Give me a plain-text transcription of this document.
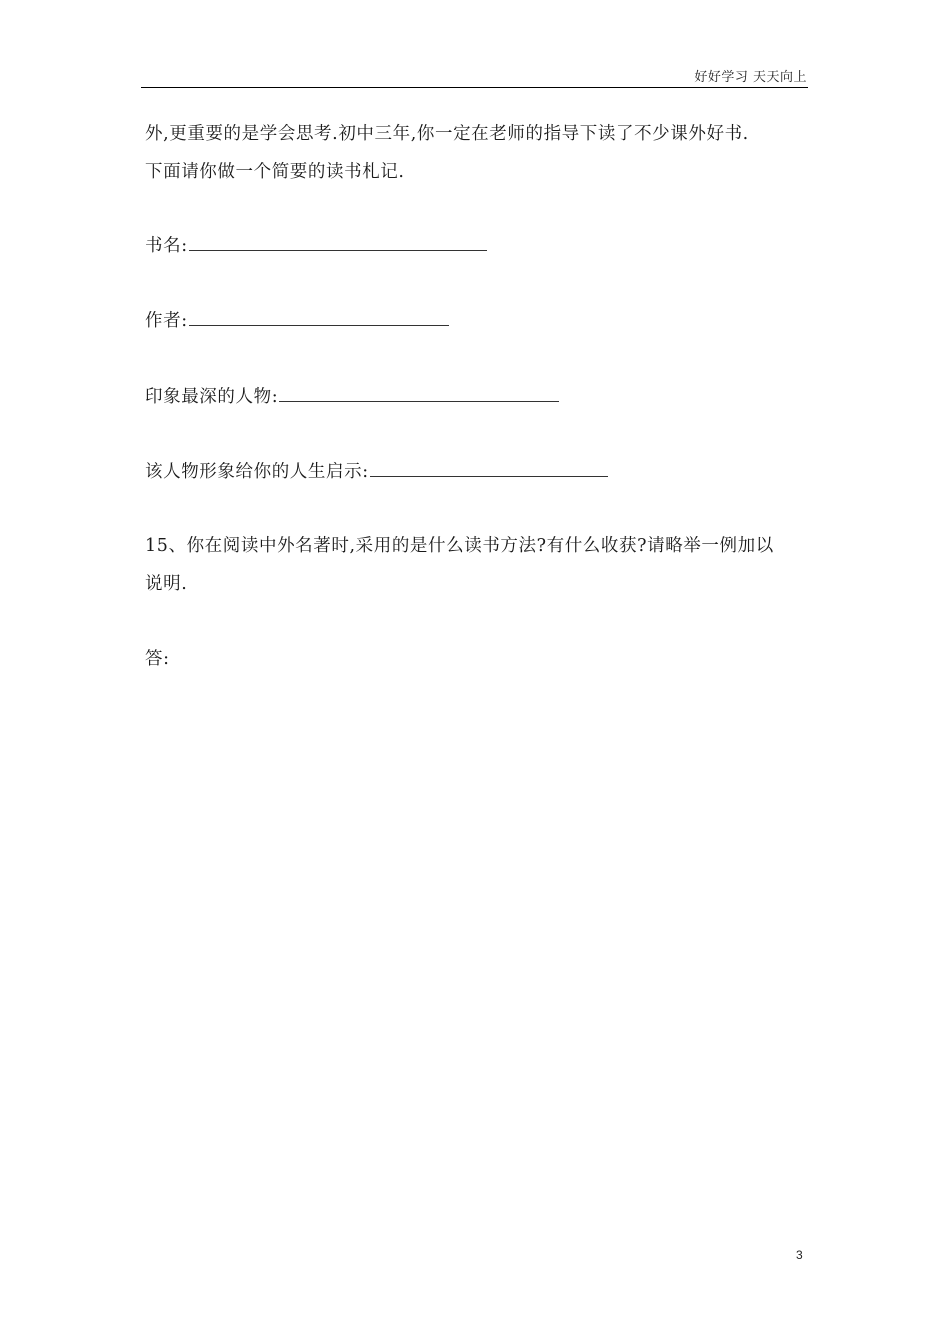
好好学习 天天向上
外,更重要的是学会思考.初中三年,你一定在老师的指导下读了不少课外好书.
下面请你做一个简要的读书札记.
书名:
作者:
印象最深的人物:
该人物形象给你的人生启示:
15、你在阅读中外名著时,采用的是什么读书方法?有什么收获?请略举一例加以
说明.
答:
3
